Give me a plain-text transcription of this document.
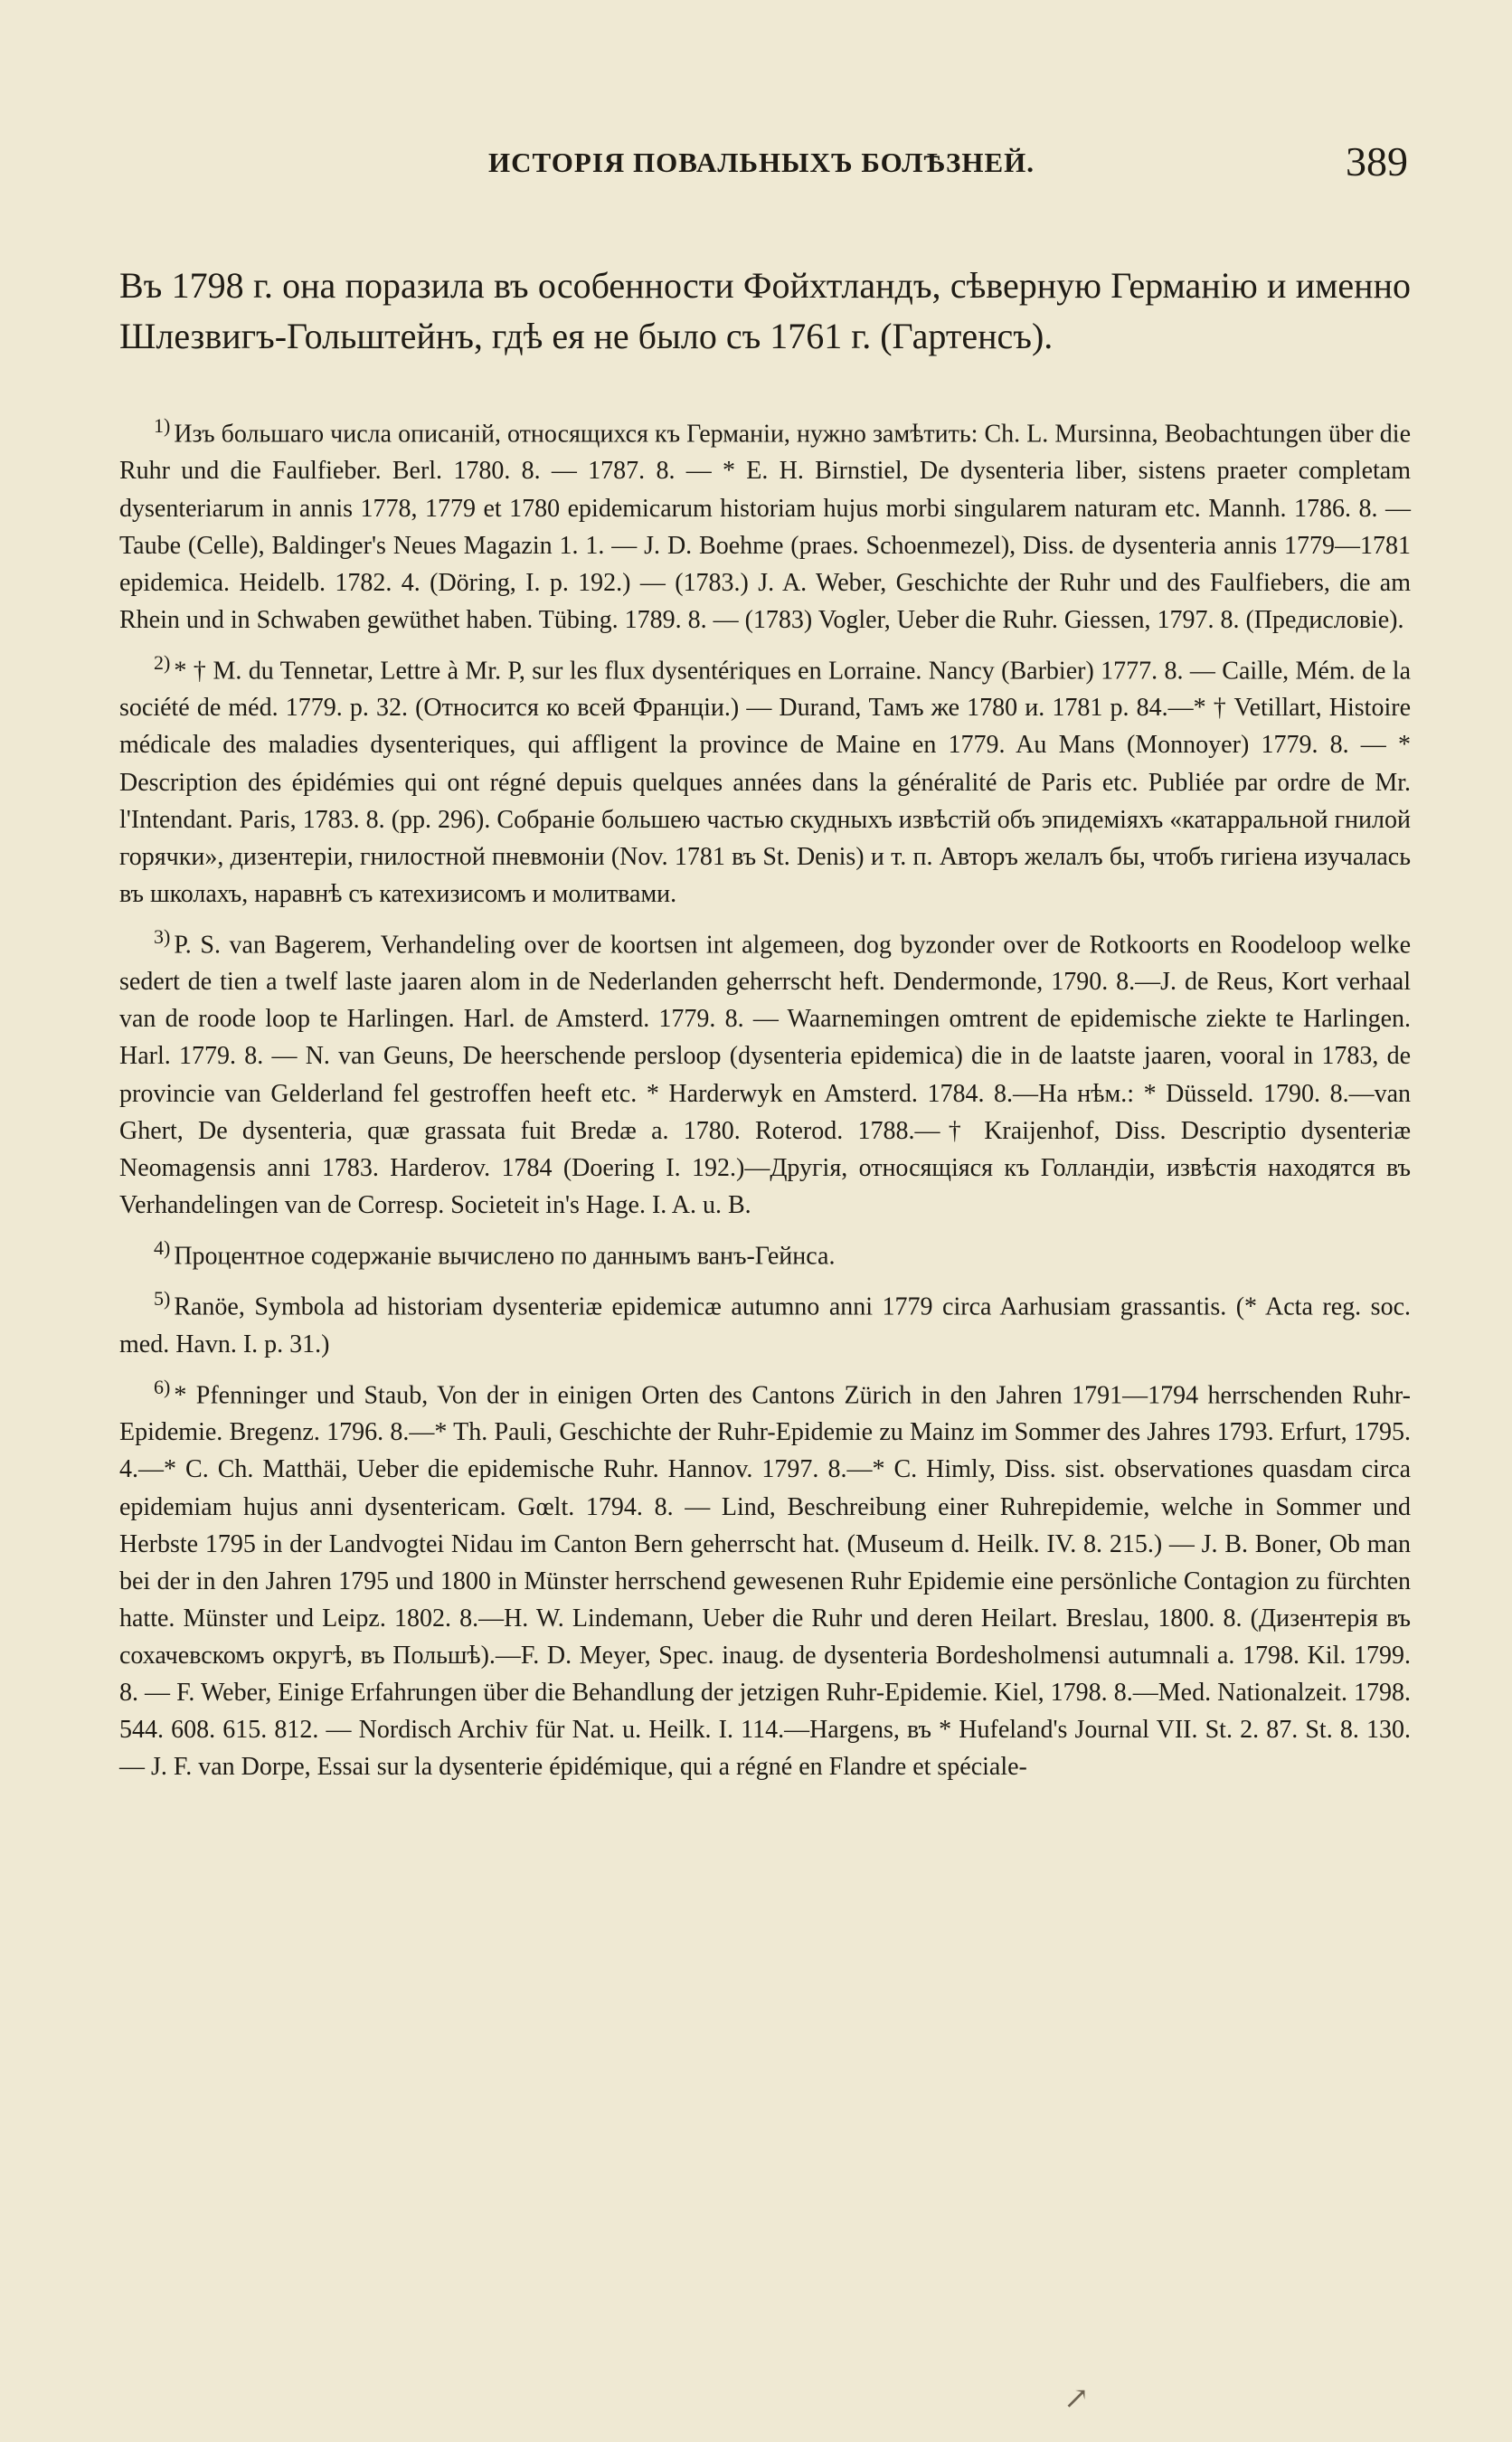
ИСТОРІЯ ПОВАЛЬНЫХЪ БОЛѢЗНЕЙ.	389

Въ 1798 г. она поразила въ особенности Фойхтландъ, сѣверную Германію и именно Шлезвигъ-Гольштейнъ, гдѣ ея не было съ 1761 г. (Гартенсъ).

$^{1)}$ Изъ большаго числа описаній, относящихся къ Германіи, нужно замѣтить: Ch. L. Mursinna, Beobachtungen über die Ruhr und die Faulfieber. Berl. 1780. 8. — 1787. 8. — * E. H. Birnstiel, De dysenteria liber, sistens praeter completam dysenteriarum in annis 1778, 1779 et 1780 epidemicarum historiam hujus morbi singularem naturam etc. Mannh. 1786. 8. — Taube (Celle), Baldinger's Neues Magazin 1. 1. — J. D. Boehme (praes. Schoenmezel), Diss. de dysenteria annis 1779—1781 epidemica. Heidelb. 1782. 4. (Döring, I. p. 192.) — (1783.) J. A. Weber, Geschichte der Ruhr und des Faulfiebers, die am Rhein und in Schwaben gewüthet haben. Tübing. 1789. 8. — (1783) Vogler, Ueber die Ruhr. Giessen, 1797. 8. (Предисловіе).

$^{2)}$ * † M. du Tennetar, Lettre à Mr. P, sur les flux dysentériques en Lorraine. Nancy (Barbier) 1777. 8. — Caille, Mém. de la société de méd. 1779. p. 32. (Относится ко всей Франціи.) — Durand, Тамъ же 1780 и. 1781 p. 84.—* † Vetillart, Histoire médicale des maladies dysenteriques, qui affligent la province de Maine en 1779. Au Mans (Monnoyer) 1779. 8. — * Description des épidémies qui ont régné depuis quelques années dans la généralité de Paris etc. Publiée par ordre de Mr. l'Intendant. Paris, 1783. 8. (pp. 296). Собраніе большею частью скудныхъ извѣстій объ эпидеміяхъ «катарральной гнилой горячки», дизентеріи, гнилостной пневмоніи (Nov. 1781 въ St. Denis) и т. п. Авторъ желалъ бы, чтобъ гигіена изучалась въ школахъ, наравнѣ съ катехизисомъ и молитвами.

$^{3)}$ P. S. van Bagerem, Verhandeling over de koortsen int algemeen, dog byzonder over de Rotkoorts en Roodeloop welke sedert de tien a twelf laste jaaren alom in de Nederlanden geherrscht heft. Dendermonde, 1790. 8.—J. de Reus, Kort verhaal van de roode loop te Harlingen. Harl. de Amsterd. 1779. 8. — Waarnemingen omtrent de epidemische ziekte te Harlingen. Harl. 1779. 8. — N. van Geuns, De heerschende persloop (dysenteria epidemica) die in de laatste jaaren, vooral in 1783, de provincie van Gelderland fel gestroffen heeft etc. * Harderwyk en Amsterd. 1784. 8.—На нѣм.: * Düsseld. 1790. 8.—van Ghert, De dysenteria, quæ grassata fuit Bredæ a. 1780. Roterod. 1788.—† Kraijenhof, Diss. Descriptio dysenteriæ Neomagensis anni 1783. Harderov. 1784 (Doering I. 192.)—Другія, относящіяся къ Голландіи, извѣстія находятся въ Verhandelingen van de Corresp. Societeit in's Hage. I. A. u. B.

$^{4)}$ Процентное содержаніе вычислено по даннымъ ванъ-Гейнса.

$^{5)}$ Ranöe, Symbola ad historiam dysenteriæ epidemicæ autumno anni 1779 circa Aarhusiam grassantis. (* Acta reg. soc. med. Havn. I. p. 31.)

$^{6)}$ * Pfenninger und Staub, Von der in einigen Orten des Cantons Zürich in den Jahren 1791—1794 herrschenden Ruhr-Epidemie. Bregenz. 1796. 8.—* Th. Pauli, Geschichte der Ruhr-Epidemie zu Mainz im Sommer des Jahres 1793. Erfurt, 1795. 4.—* C. Ch. Matthäi, Ueber die epidemische Ruhr. Hannov. 1797. 8.—* C. Himly, Diss. sist. observationes quasdam circa epidemiam hujus anni dysentericam. Gœlt. 1794. 8. — Lind, Beschreibung einer Ruhrepidemie, welche in Sommer und Herbste 1795 in der Landvogtei Nidau im Canton Bern geherrscht hat. (Museum d. Heilk. IV. 8. 215.) — J. B. Boner, Ob man bei der in den Jahren 1795 und 1800 in Münster herrschend gewesenen Ruhr Epidemie eine persönliche Contagion zu fürchten hatte. Münster und Leipz. 1802. 8.—H. W. Lindemann, Ueber die Ruhr und deren Heilart. Breslau, 1800. 8. (Дизентерія въ сохачевскомъ округѣ, въ Польшѣ).—F. D. Meyer, Spec. inaug. de dysenteria Bordesholmensi autumnali a. 1798. Kil. 1799. 8. — F. Weber, Einige Erfahrungen über die Behandlung der jetzigen Ruhr-Epidemie. Kiel, 1798. 8.—Med. Nationalzeit. 1798. 544. 608. 615. 812. — Nordisch Archiv für Nat. u. Heilk. I. 114.—Hargens, въ * Hufeland's Journal VII. St. 2. 87. St. 8. 130.— J. F. van Dorpe, Essai sur la dysenterie épidémique, qui a régné en Flandre et spéciale-

↗
